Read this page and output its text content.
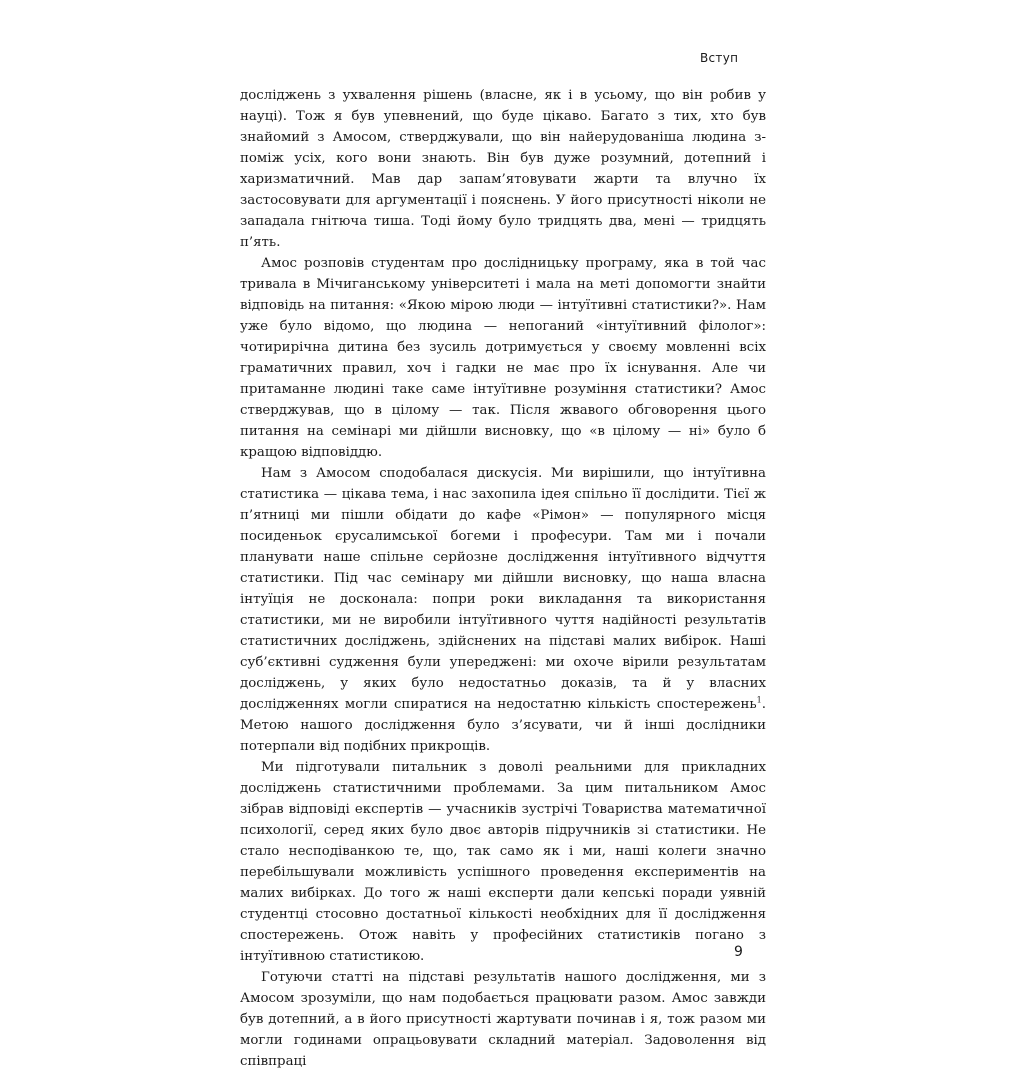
Вступ

досліджень з ухвалення рішень (власне, як і в усьому, що він робив у науці). Тож я був упевнений, що буде цікаво. Багато з тих, хто був знайомий з Амосом, стверджували, що він найерудованіша людина з-поміж усіх, кого вони знають. Він був дуже розумний, дотепний і харизматичний. Мав дар запам’ятовувати жарти та влучно їх застосовувати для аргументації і пояснень. У його присутності ніколи не западала гнітюча тиша. Тоді йому було тридцять два, мені — тридцять п’ять.

Амос розповів студентам про дослідницьку програму, яка в той час тривала в Мічиганському університеті і мала на меті допомогти знайти відповідь на питання: «Якою мірою люди — інтуїтивні статистики?». Нам уже було відомо, що людина — непоганий «інтуїтивний філолог»: чотирирічна дитина без зусиль дотримується у своєму мовленні всіх граматичних правил, хоч і гадки не має про їх існування. Але чи притаманне людині таке саме інтуїтивне розуміння статистики? Амос стверджував, що в цілому — так. Після жвавого обговорення цього питання на семінарі ми дійшли висновку, що «в цілому — ні» було б кращою відповіддю.

Нам з Амосом сподобалася дискусія. Ми вирішили, що інтуїтивна статистика — цікава тема, і нас захопила ідея спільно її дослідити. Тієї ж п’ятниці ми пішли обідати до кафе «Рімон» — популярного місця посиденьок єрусалимської богеми і професури. Там ми і почали планувати наше спільне серйозне дослідження інтуїтивного відчуття статистики. Під час семінару ми дійшли висновку, що наша власна інтуїція не досконала: попри роки викладання та використання статистики, ми не виробили інтуїтивного чуття надійності результатів статистичних досліджень, здійснених на підставі малих вибірок. Наші суб’єктивні судження були упереджені: ми охоче вірили результатам досліджень, у яких було недостатньо доказів, та й у власних дослідженнях могли спиратися на недостатню кількість спостережень$^1$. Метою нашого дослідження було з’ясувати, чи й інші дослідники потерпали від подібних прикрощів.

Ми підготували питальник з доволі реальними для прикладних досліджень статистичними проблемами. За цим питальником Амос зібрав відповіді експертів — учасників зустрічі Товариства математичної психології, серед яких було двоє авторів підручників зі статистики. Не стало несподіванкою те, що, так само як і ми, наші колеги значно перебільшували можливість успішного проведення експериментів на малих вибірках. До того ж наші експерти дали кепські поради уявній студентці стосовно достатньої кількості необхідних для її дослідження спостережень. Отож навіть у професійних статистиків погано з інтуїтивною статистикою.

Готуючи статті на підставі результатів нашого дослідження, ми з Амосом зрозуміли, що нам подобається працювати разом. Амос завжди був дотепний, а в його присутності жартувати починав і я, тож разом ми могли годинами опрацьовувати складний матеріал. Задоволення від співпраці

9
